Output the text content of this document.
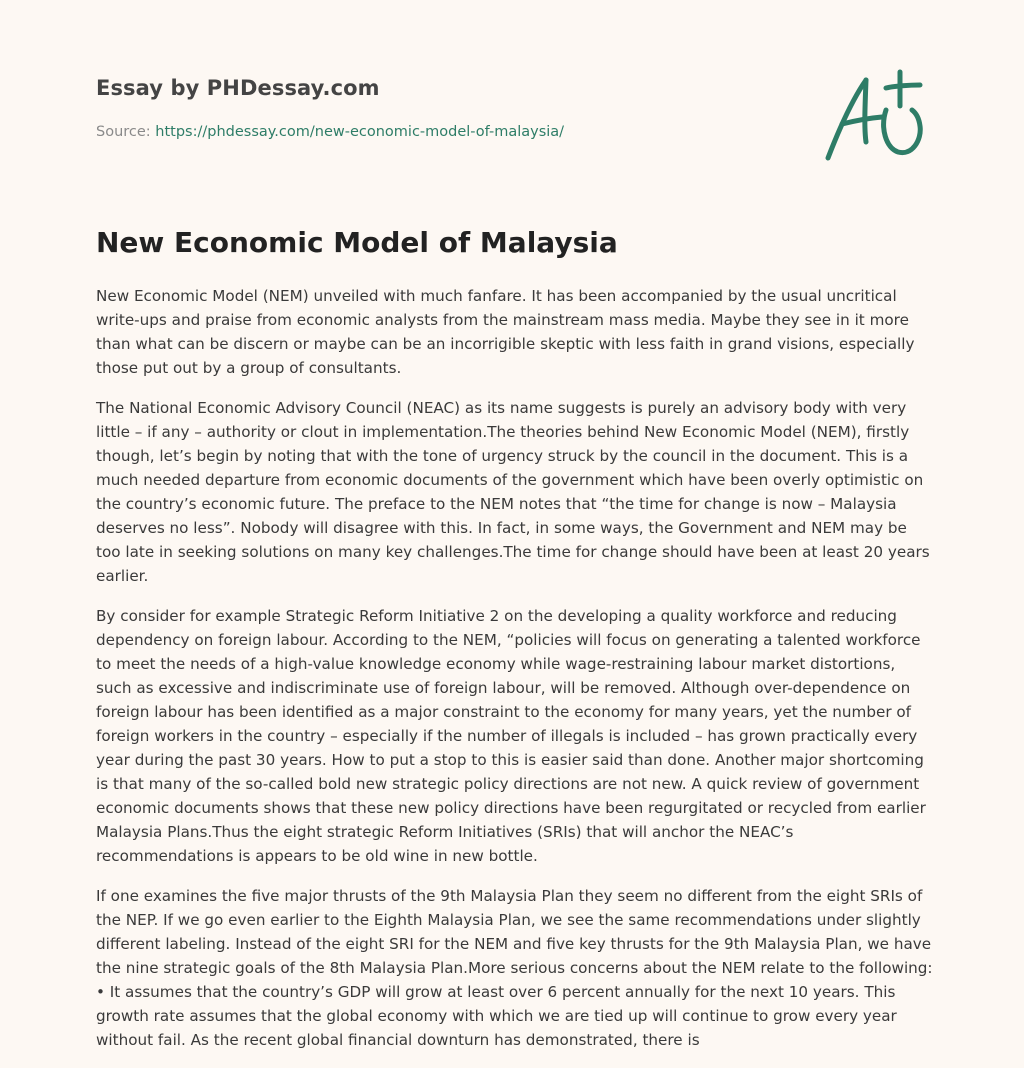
Essay by PHDessay.com
Source: https://phdessay.com/new-economic-model-of-malaysia/
New Economic Model of Malaysia

New Economic Model (NEM) unveiled with much fanfare. It has been accompanied by the usual uncritical write-ups and praise from economic analysts from the mainstream mass media. Maybe they see in it more than what can be discern or maybe can be an incorrigible skeptic with less faith in grand visions, especially those put out by a group of consultants.

The National Economic Advisory Council (NEAC) as its name suggests is purely an advisory body with very little – if any – authority or clout in implementation.The theories behind New Economic Model (NEM), firstly though, let’s begin by noting that with the tone of urgency struck by the council in the document. This is a much needed departure from economic documents of the government which have been overly optimistic on the country’s economic future. The preface to the NEM notes that “the time for change is now – Malaysia deserves no less”. Nobody will disagree with this. In fact, in some ways, the Government and NEM may be too late in seeking solutions on many key challenges.The time for change should have been at least 20 years earlier.

By consider for example Strategic Reform Initiative 2 on the developing a quality workforce and reducing dependency on foreign labour. According to the NEM, “policies will focus on generating a talented workforce to meet the needs of a high-value knowledge economy while wage-restraining labour market distortions, such as excessive and indiscriminate use of foreign labour, will be removed. Although over-dependence on foreign labour has been identified as a major constraint to the economy for many years, yet the number of foreign workers in the country – especially if the number of illegals is included – has grown practically every year during the past 30 years. How to put a stop to this is easier said than done. Another major shortcoming is that many of the so-called bold new strategic policy directions are not new. A quick review of government economic documents shows that these new policy directions have been regurgitated or recycled from earlier Malaysia Plans.Thus the eight strategic Reform Initiatives (SRIs) that will anchor the NEAC’s recommendations is appears to be old wine in new bottle.

If one examines the five major thrusts of the 9th Malaysia Plan they seem no different from the eight SRIs of the NEP. If we go even earlier to the Eighth Malaysia Plan, we see the same recommendations under slightly different labeling. Instead of the eight SRI for the NEM and five key thrusts for the 9th Malaysia Plan, we have the nine strategic goals of the 8th Malaysia Plan.More serious concerns about the NEM relate to the following: • It assumes that the country’s GDP will grow at least over 6 percent annually for the next 10 years. This growth rate assumes that the global economy with which we are tied up will continue to grow every year without fail. As the recent global financial downturn has demonstrated, there is
